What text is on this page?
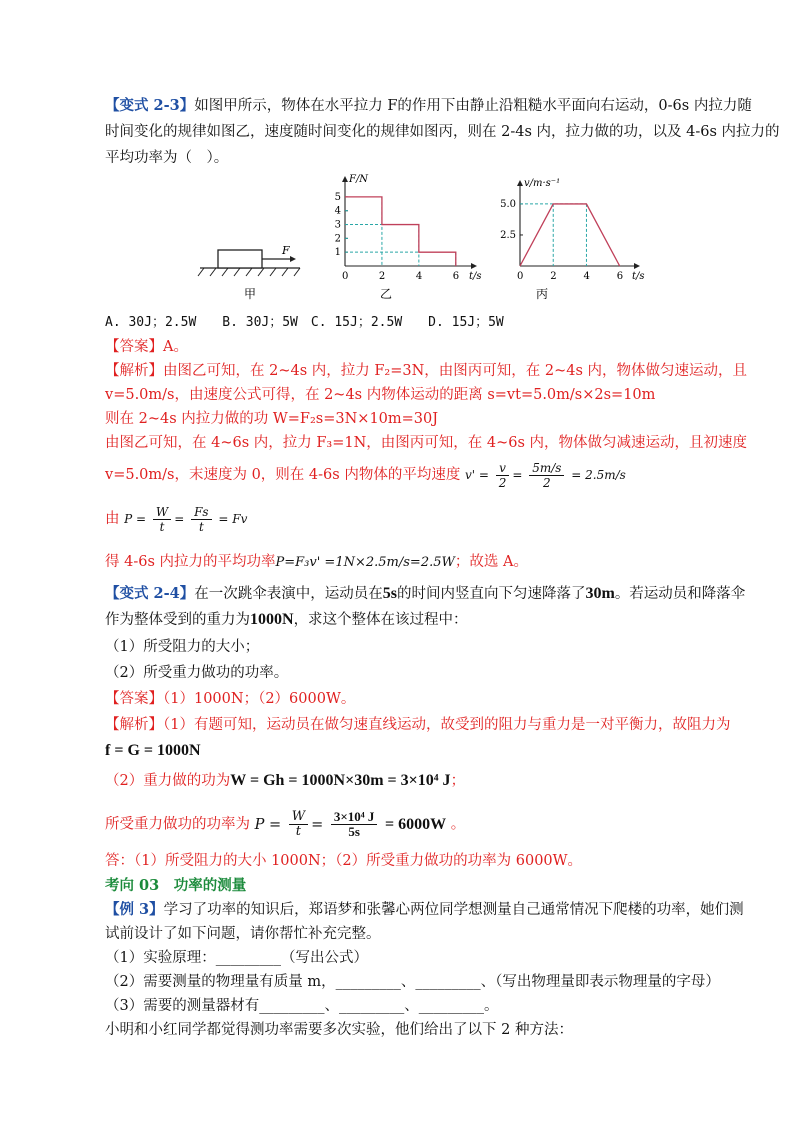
【变式 2-3】如图甲所示，物体在水平拉力 F的作用下由静止沿粗糙水平面向右运动，0-6s 内拉力随
时间变化的规律如图乙，速度随时间变化的规律如图丙，则在 2-4s 内，拉力做的功，以及 4-6s 内拉力的
平均功率为（　）。
F
甲	乙
F/N
t/s
0	2	4	6
1
2
3
4
5
丙
v/m·s⁻¹
t/s
0	2	4	6
2.5
5.0
A. 30J；2.5W　　B. 30J；5W　C. 15J；2.5W　　D. 15J；5W
【答案】A。
【解析】由图乙可知，在 2~4s 内，拉力 F₂=3N，由图丙可知，在 2~4s 内，物体做匀速运动，且
v=5.0m/s，由速度公式可得，在 2~4s 内物体运动的距离 s=vt=5.0m/s×2s=10m
则在 2~4s 内拉力做的功 W=F₂s=3N×10m=30J
由图乙可知，在 4~6s 内，拉力 F₃=1N，由图丙可知，在 4~6s 内，物体做匀减速运动，且初速度
v=5.0m/s，末速度为 0，则在 4-6s 内物体的平均速度 $v' = \frac{v}{2} = \frac{5m/s}{2} = 2.5m/s$
由 $P = \frac{W}{t} = \frac{Fs}{t} = Fv$
得 4-6s 内拉力的平均功率P=F₃v' =1N×2.5m/s=2.5W；故选 A。
【变式 2-4】在一次跳伞表演中，运动员在5s的时间内竖直向下匀速降落了30m。若运动员和降落伞
作为整体受到的重力为1000N，求这个整体在该过程中：
（1）所受阻力的大小；
（2）所受重力做功的功率。
【答案】（1）1000N；（2）6000W。
【解析】（1）有题可知，运动员在做匀速直线运动，故受到的阻力与重力是一对平衡力，故阻力为
f = G = 1000N
（2）重力做的功为W = Gh = 1000N×30m = 3×10⁴ J；
所受重力做功的功率为 $P = \frac{W}{t} = \frac{\text{3×10⁴ J}}{5s} = 6000W$ 。
答：（1）所受阻力的大小 1000N；（2）所受重力做功的功率为 6000W。
考向 03　功率的测量
【例 3】学习了功率的知识后，郑语梦和张馨心两位同学想测量自己通常情况下爬楼的功率，她们测
试前设计了如下问题，请你帮忙补充完整。
（1）实验原理：_________（写出公式）
（2）需要测量的物理量有质量 m，_________、_________、（写出物理量即表示物理量的字母）
（3）需要的测量器材有_________、_________、_________。
小明和小红同学都觉得测功率需要多次实验，他们给出了以下 2 种方法：
